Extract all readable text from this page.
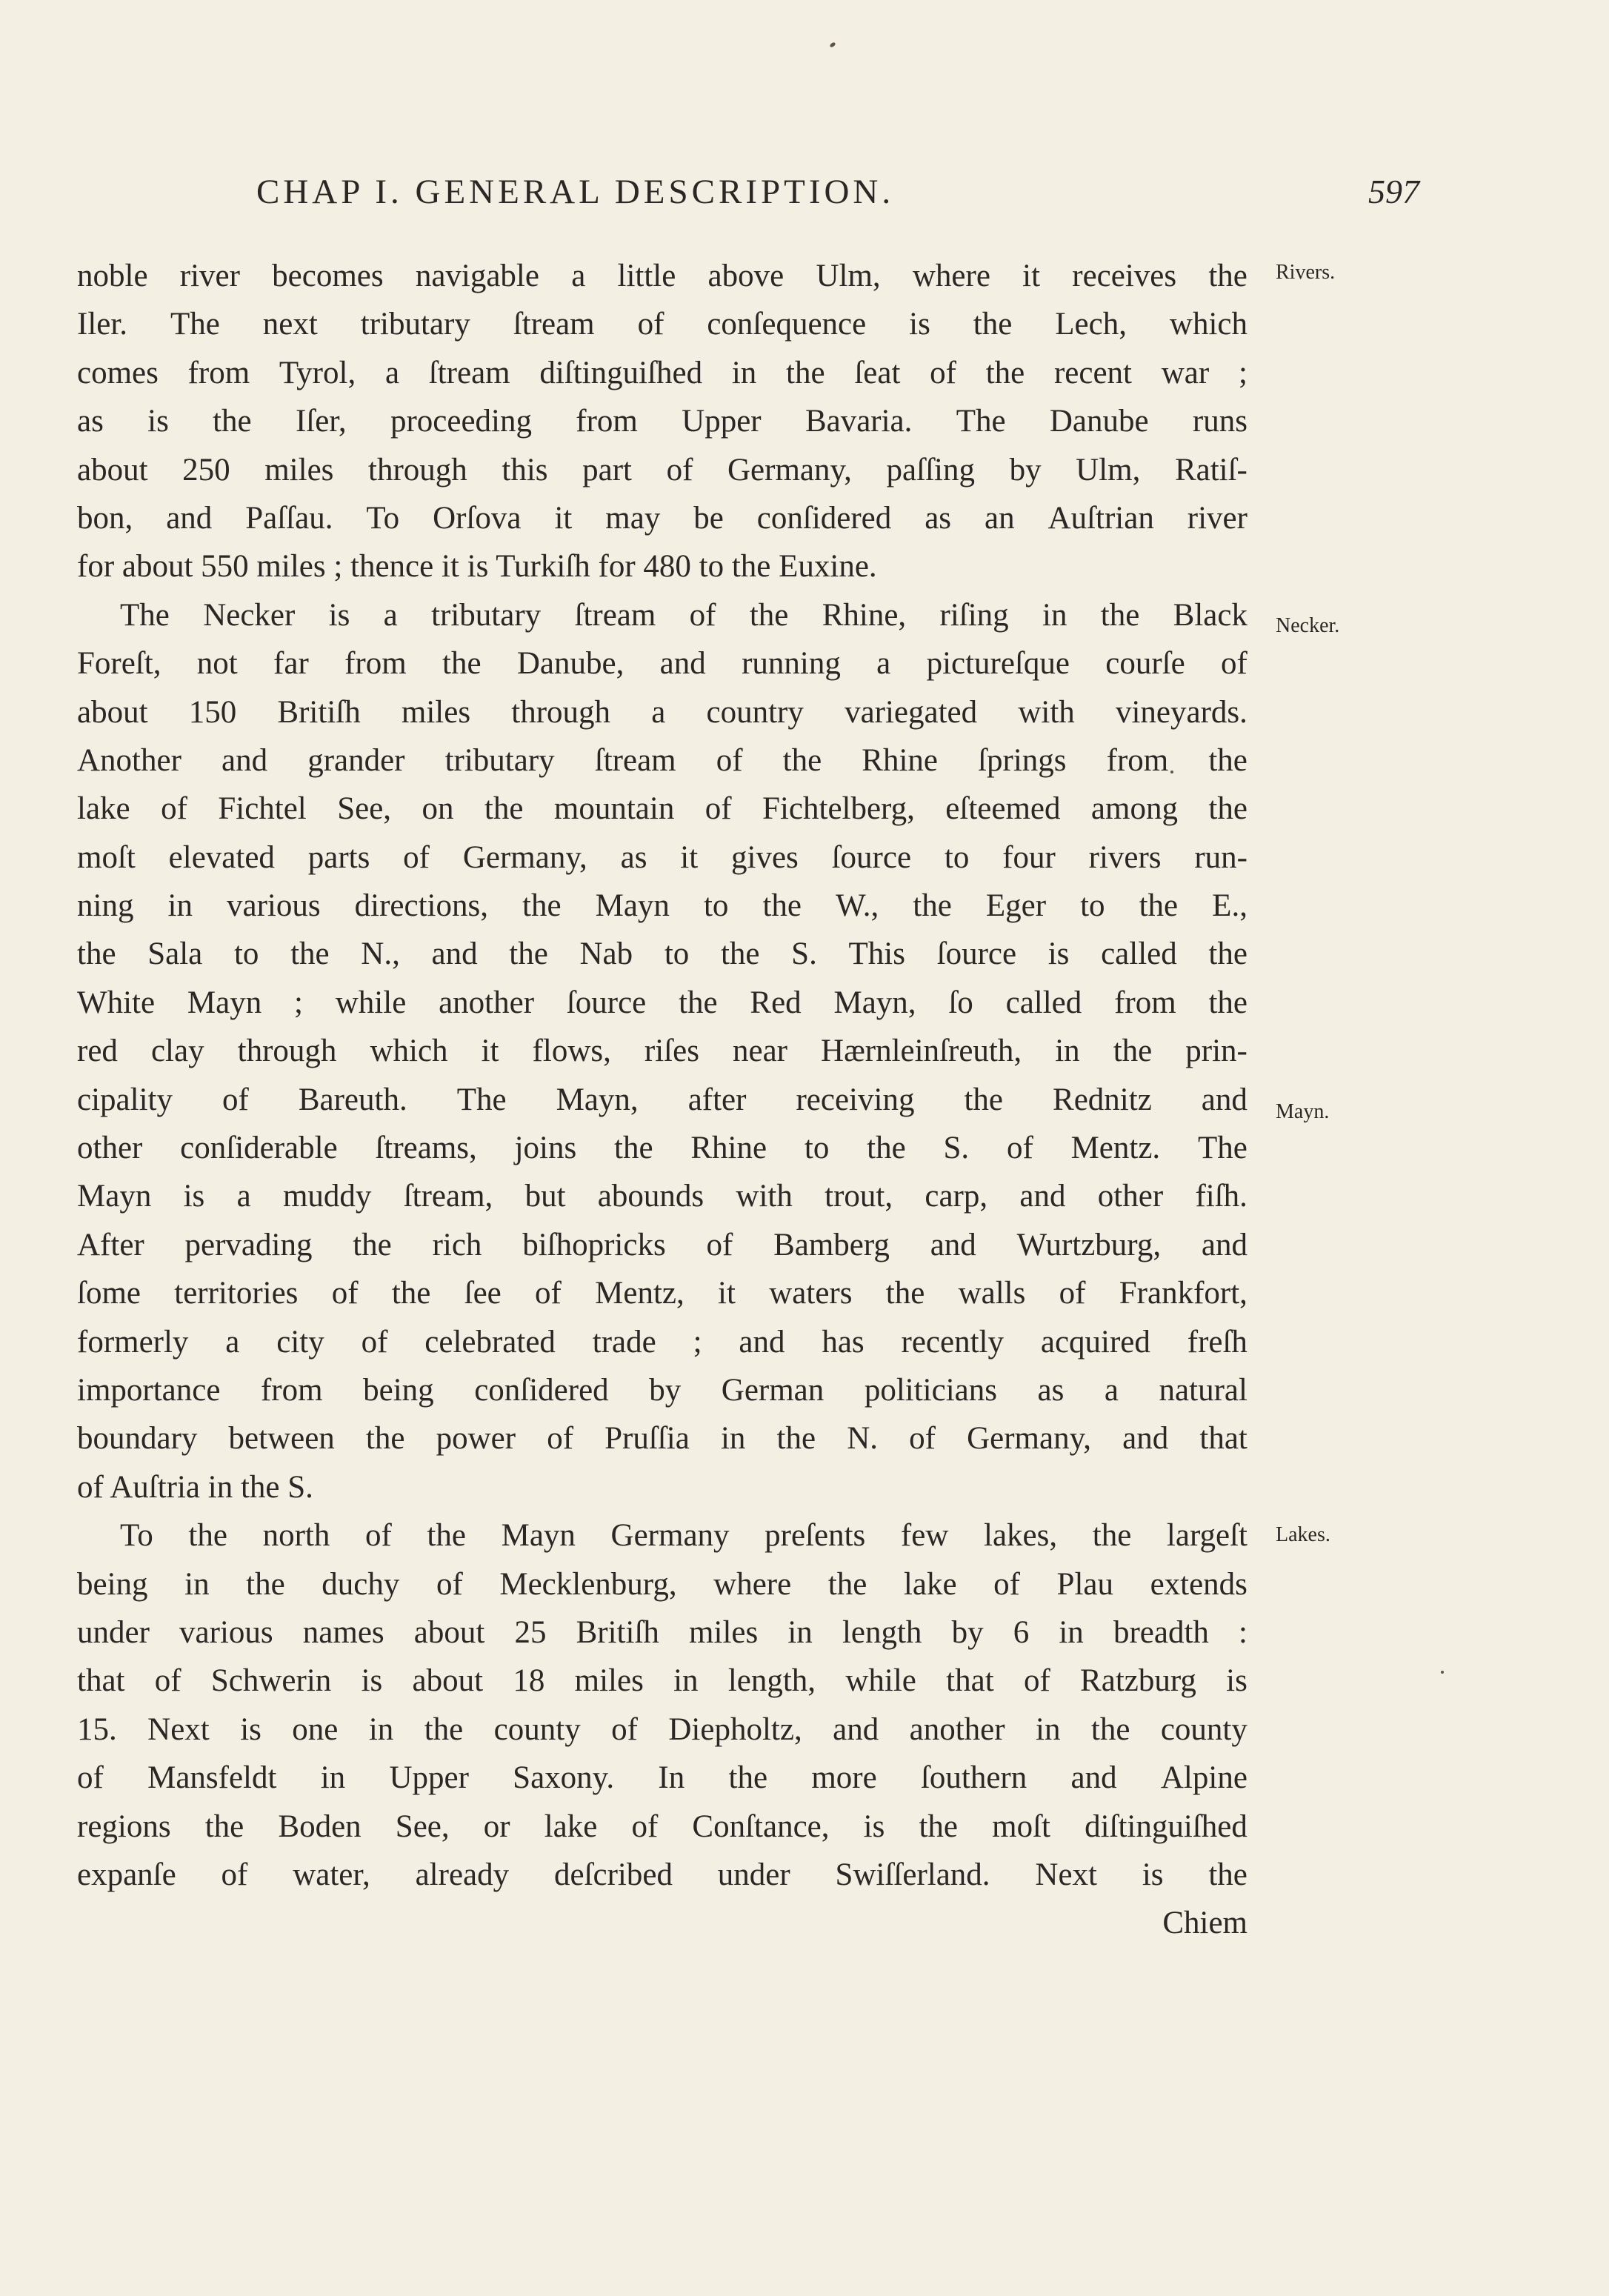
CHAP I. GENERAL DESCRIPTION.	597
noble river becomes navigable a little above Ulm, where it receives the
Iler. The next tributary ſtream of conſequence is the Lech, which
comes from Tyrol, a ſtream diſtinguiſhed in the ſeat of the recent war ;
as is the Iſer, proceeding from Upper Bavaria. The Danube runs
about 250 miles through this part of Germany, paſſing by Ulm, Ratiſ-
bon, and Paſſau. To Orſova it may be conſidered as an Auſtrian river
for about 550 miles ; thence it is Turkiſh for 480 to the Euxine.
The Necker is a tributary ſtream of the Rhine, riſing in the Black
Foreſt, not far from the Danube, and running a picturеſque courſe of
about 150 Britiſh miles through a country variegated with vineyards.
Another and grander tributary ſtream of the Rhine ſprings from the
lake of Fichtel See, on the mountain of Fichtelberg, eſteemed among the
moſt elevated parts of Germany, as it gives ſource to four rivers run-
ning in various directions, the Mayn to the W., the Eger to the E.,
the Sala to the N., and the Nab to the S. This ſource is called the
White Mayn ; while another ſource the Red Mayn, ſo called from the
red clay through which it flows, riſes near Hærnleinſreuth, in the prin-
cipality of Bareuth. The Mayn, after receiving the Rednitz and
other conſiderable ſtreams, joins the Rhine to the S. of Mentz. The
Mayn is a muddy ſtream, but abounds with trout, carp, and other fiſh.
After pervading the rich biſhopricks of Bamberg and Wurtzburg, and
ſome territories of the ſee of Mentz, it waters the walls of Frankfort,
formerly a city of celebrated trade ; and has recently acquired freſh
importance from being conſidered by German politicians as a natural
boundary between the power of Pruſſia in the N. of Germany, and that
of Auſtria in the S.
To the north of the Mayn Germany preſents few lakes, the largeſt
being in the duchy of Mecklenburg, where the lake of Plau extends
under various names about 25 Britiſh miles in length by 6 in breadth :
that of Schwerin is about 18 miles in length, while that of Ratzburg is
15. Next is one in the county of Diepholtz, and another in the county
of Mansfeldt in Upper Saxony. In the more ſouthern and Alpine
regions the Boden See, or lake of Conſtance, is the moſt diſtinguiſhed
expanſe of water, already deſcribed under Swiſſerland. Next is the
Chiem
Rivers.
Necker.
Mayn.
Lakes.
